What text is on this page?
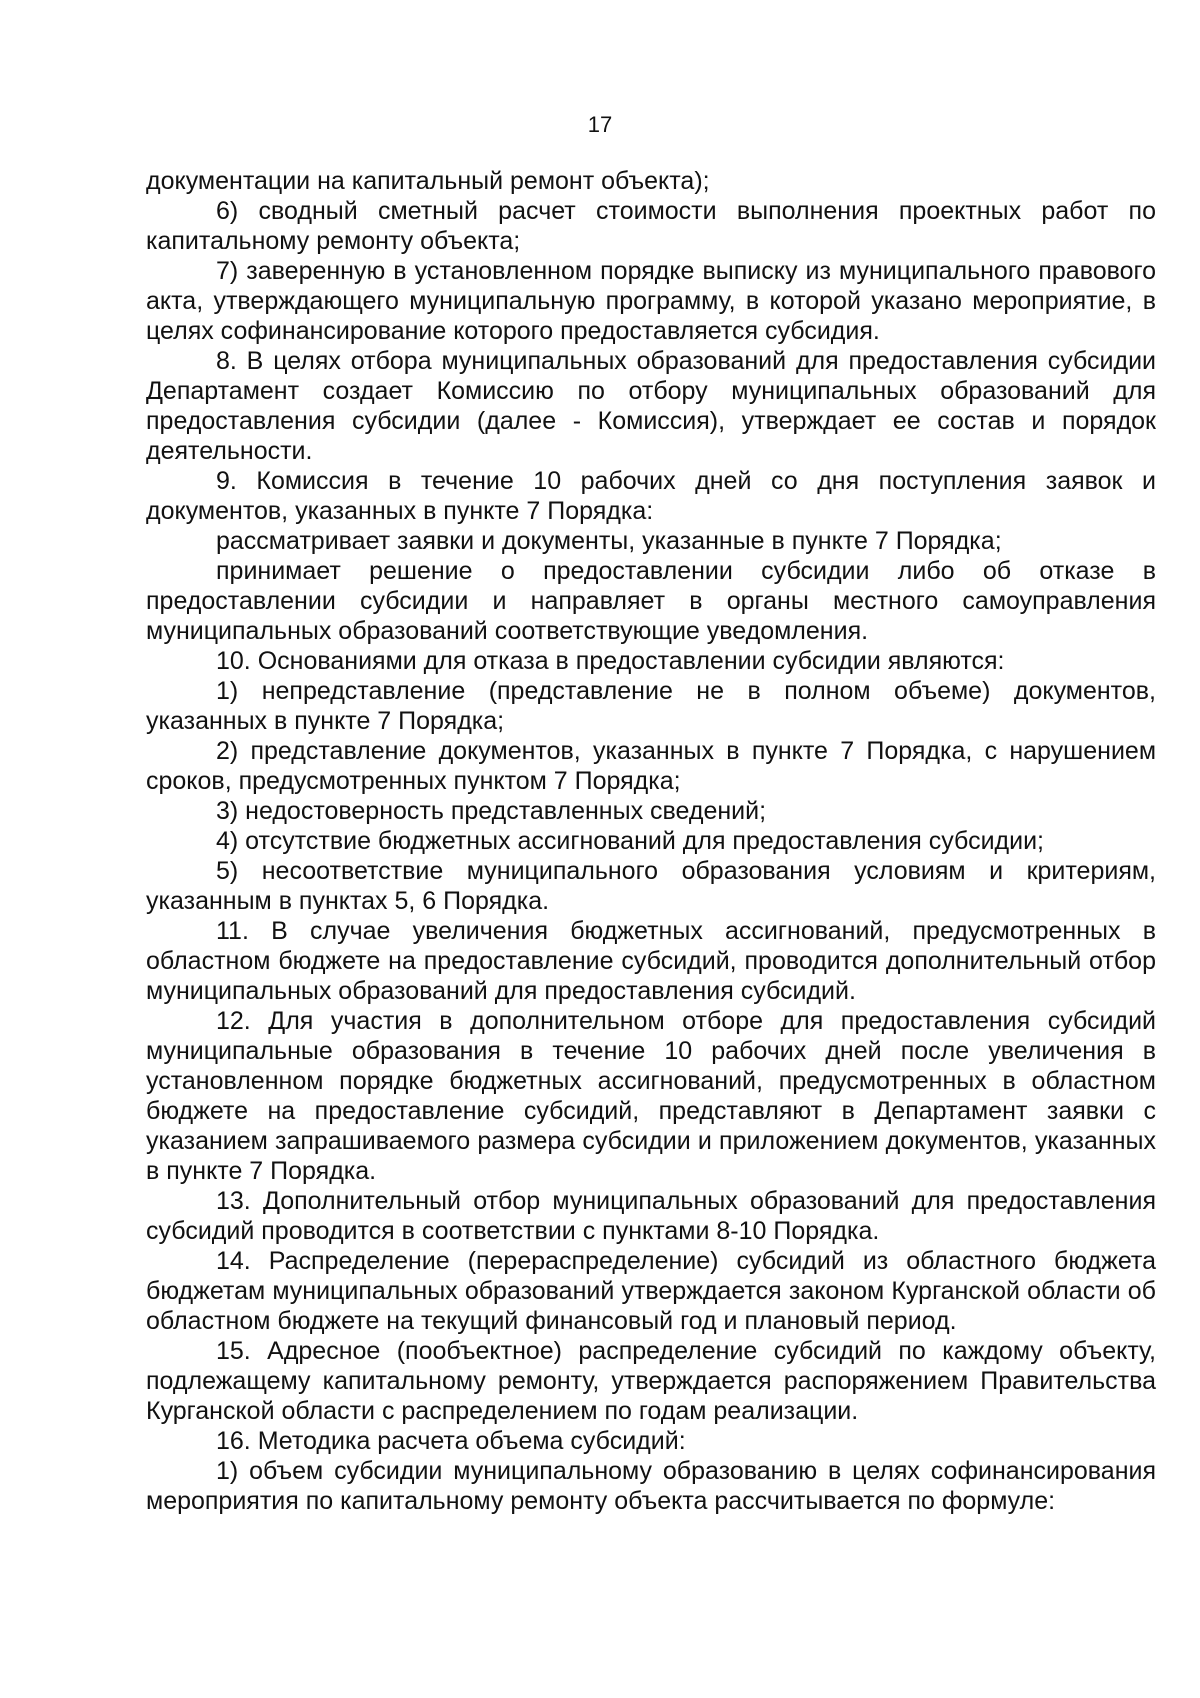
17

документации на капитальный ремонт объекта);

6) сводный сметный расчет стоимости выполнения проектных работ по капитальному ремонту объекта;

7) заверенную в установленном порядке выписку из муниципального правового акта, утверждающего муниципальную программу, в которой указано мероприятие, в целях софинансирование которого предоставляется субсидия.

8. В целях отбора муниципальных образований для предоставления субсидии Департамент создает Комиссию по отбору муниципальных образований для предоставления субсидии (далее - Комиссия), утверждает ее состав и порядок деятельности.

9. Комиссия в течение 10 рабочих дней со дня поступления заявок и документов, указанных в пункте 7 Порядка:

рассматривает заявки и документы, указанные в пункте 7 Порядка;

принимает решение о предоставлении субсидии либо об отказе в предоставлении субсидии и направляет в органы местного самоуправления муниципальных образований соответствующие уведомления.

10. Основаниями для отказа в предоставлении субсидии являются:

1) непредставление (представление не в полном объеме) документов, указанных в пункте 7 Порядка;

2) представление документов, указанных в пункте 7 Порядка, с нарушением сроков, предусмотренных пунктом 7 Порядка;

3) недостоверность представленных сведений;

4) отсутствие бюджетных ассигнований для предоставления субсидии;

5) несоответствие муниципального образования условиям и критериям, указанным в пунктах 5, 6 Порядка.

11. В случае увеличения бюджетных ассигнований, предусмотренных в областном бюджете на предоставление субсидий, проводится дополнительный отбор муниципальных образований для предоставления субсидий.

12. Для участия в дополнительном отборе для предоставления субсидий муниципальные образования в течение 10 рабочих дней после увеличения в установленном порядке бюджетных ассигнований, предусмотренных в областном бюджете на предоставление субсидий, представляют в Департамент заявки с указанием запрашиваемого размера субсидии и приложением документов, указанных в пункте 7 Порядка.

13. Дополнительный отбор муниципальных образований для предоставления субсидий проводится в соответствии с пунктами 8-10 Порядка.

14. Распределение (перераспределение) субсидий из областного бюджета бюджетам муниципальных образований утверждается законом Курганской области об областном бюджете на текущий финансовый год и плановый период.

15. Адресное (пообъектное) распределение субсидий по каждому объекту, подлежащему капитальному ремонту, утверждается распоряжением Правительства Курганской области с распределением по годам реализации.

16. Методика расчета объема субсидий:

1) объем субсидии муниципальному образованию в целях софинансирования мероприятия по капитальному ремонту объекта рассчитывается по формуле:
